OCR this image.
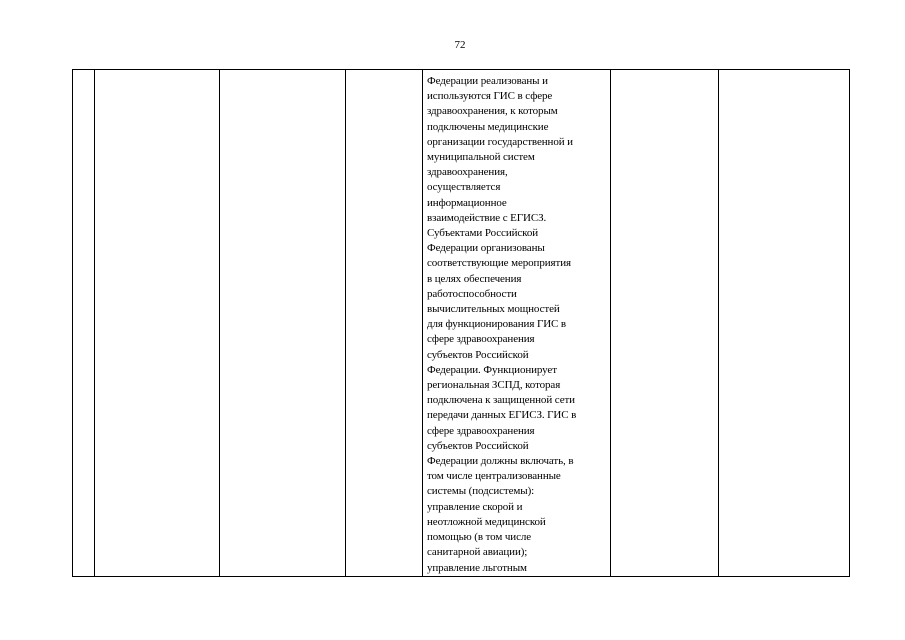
72

Федерации реализованы и
используются ГИС в сфере
здравоохранения, к которым
подключены медицинские
организации государственной и
муниципальной систем
здравоохранения,
осуществляется
информационное
взаимодействие с ЕГИСЗ.
Субъектами Российской
Федерации организованы
соответствующие мероприятия
в целях обеспечения
работоспособности
вычислительных мощностей
для функционирования ГИС в
сфере здравоохранения
субъектов Российской
Федерации. Функционирует
региональная ЗСПД, которая
подключена к защищенной сети
передачи данных ЕГИСЗ. ГИС в
сфере здравоохранения
субъектов Российской
Федерации должны включать, в
том числе централизованные
системы (подсистемы):
управление скорой и
неотложной медицинской
помощью (в том числе
санитарной авиации);
управление льготным
